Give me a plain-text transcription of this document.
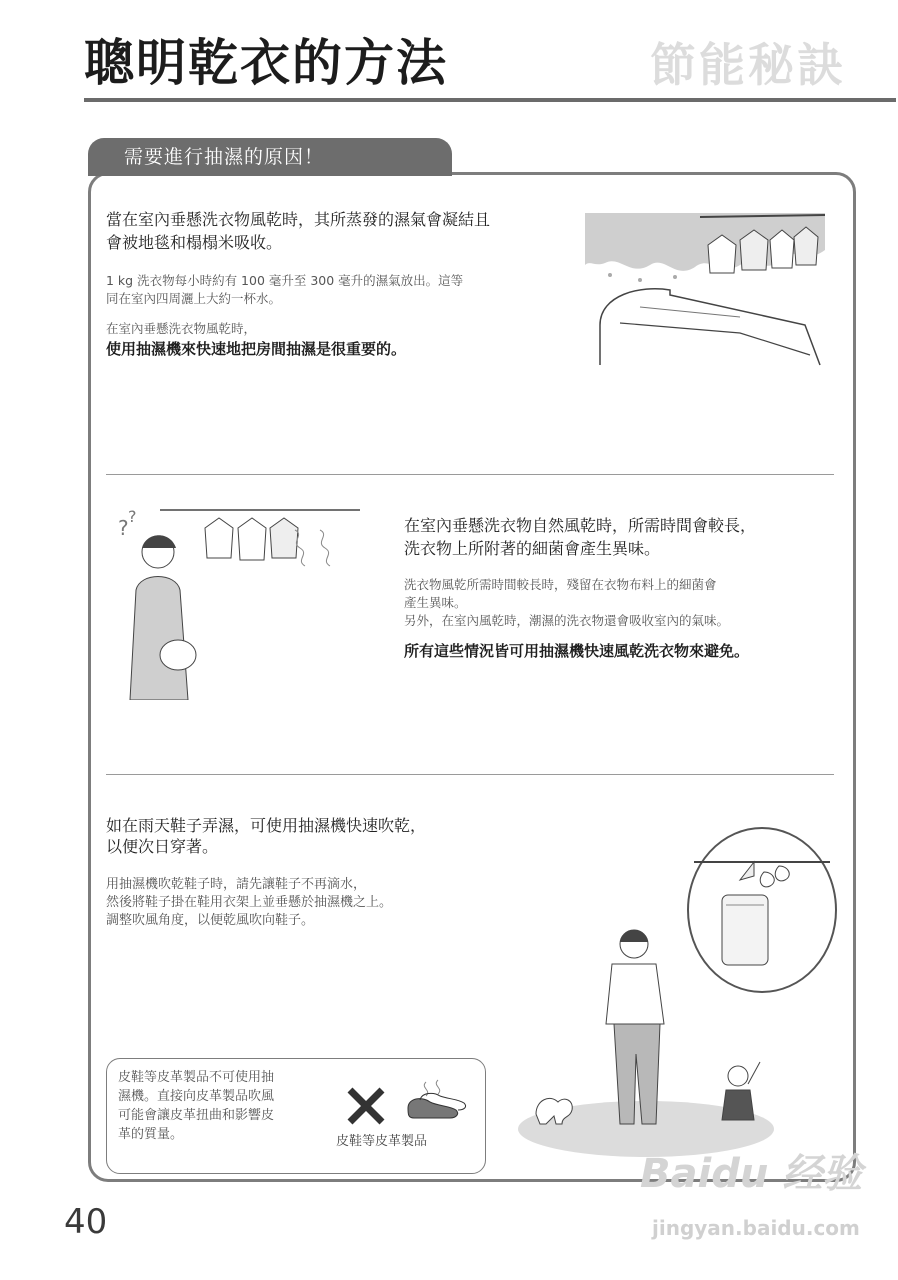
聰明乾衣的方法	節能秘訣
需要進行抽濕的原因！
當在室內垂懸洗衣物風乾時，其所蒸發的濕氣會凝結且
會被地毯和榻榻米吸收。
1 kg 洗衣物每小時約有 100 毫升至 300 毫升的濕氣放出。這等
同在室內四周灑上大約一杯水。
在室內垂懸洗衣物風乾時，
使用抽濕機來快速地把房間抽濕是很重要的。
? ?	在室內垂懸洗衣物自然風乾時，所需時間會較長，
洗衣物上所附著的細菌會產生異味。
洗衣物風乾所需時間較長時，殘留在衣物布料上的細菌會
產生異味。
另外，在室內風乾時，潮濕的洗衣物還會吸收室內的氣味。
所有這些情況皆可用抽濕機快速風乾洗衣物來避免。
如在雨天鞋子弄濕，可使用抽濕機快速吹乾，
以便次日穿著。
用抽濕機吹乾鞋子時，請先讓鞋子不再滴水，
然後將鞋子掛在鞋用衣架上並垂懸於抽濕機之上。
調整吹風角度，以便乾風吹向鞋子。
皮鞋等皮革製品不可使用抽
濕機。直接向皮革製品吹風
可能會讓皮革扭曲和影響皮
革的質量。	皮鞋等皮革製品
40
Baidu 经验
jingyan.baidu.com
